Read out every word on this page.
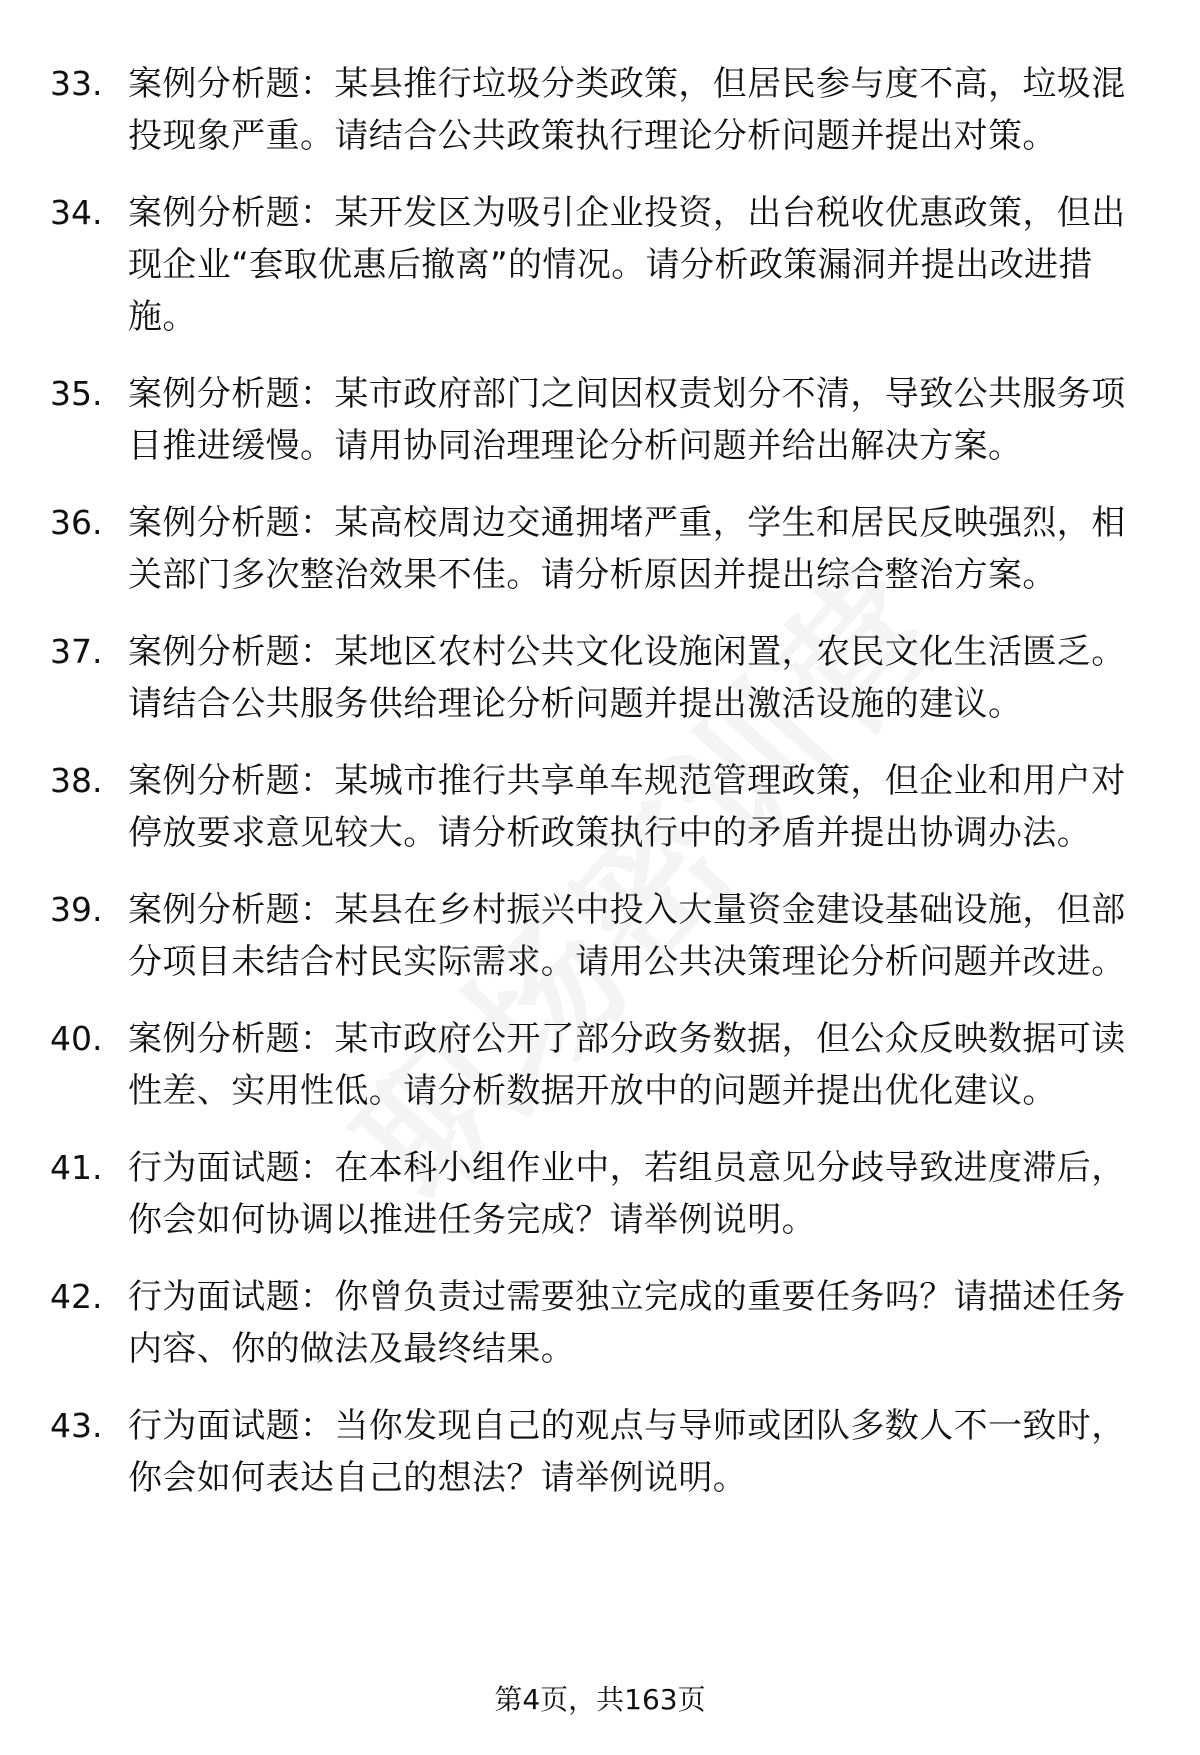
33. 案例分析题：某县推行垃圾分类政策，但居民参与度不高，垃圾混投现象严重。请结合公共政策执行理论分析问题并提出对策。
34. 案例分析题：某开发区为吸引企业投资，出台税收优惠政策，但出现企业“套取优惠后撤离”的情况。请分析政策漏洞并提出改进措施。
35. 案例分析题：某市政府部门之间因权责划分不清，导致公共服务项目推进缓慢。请用协同治理理论分析问题并给出解决方案。
36. 案例分析题：某高校周边交通拥堵严重，学生和居民反映强烈，相关部门多次整治效果不佳。请分析原因并提出综合整治方案。
37. 案例分析题：某地区农村公共文化设施闲置，农民文化生活匮乏。请结合公共服务供给理论分析问题并提出激活设施的建议。
38. 案例分析题：某城市推行共享单车规范管理政策，但企业和用户对停放要求意见较大。请分析政策执行中的矛盾并提出协调办法。
39. 案例分析题：某县在乡村振兴中投入大量资金建设基础设施，但部分项目未结合村民实际需求。请用公共决策理论分析问题并改进。
40. 案例分析题：某市政府公开了部分政务数据，但公众反映数据可读性差、实用性低。请分析数据开放中的问题并提出优化建议。
41. 行为面试题：在本科小组作业中，若组员意见分歧导致进度滞后，你会如何协调以推进任务完成？请举例说明。
42. 行为面试题：你曾负责过需要独立完成的重要任务吗？请描述任务内容、你的做法及最终结果。
43. 行为面试题：当你发现自己的观点与导师或团队多数人不一致时，你会如何表达自己的想法？请举例说明。
第4页，共163页
